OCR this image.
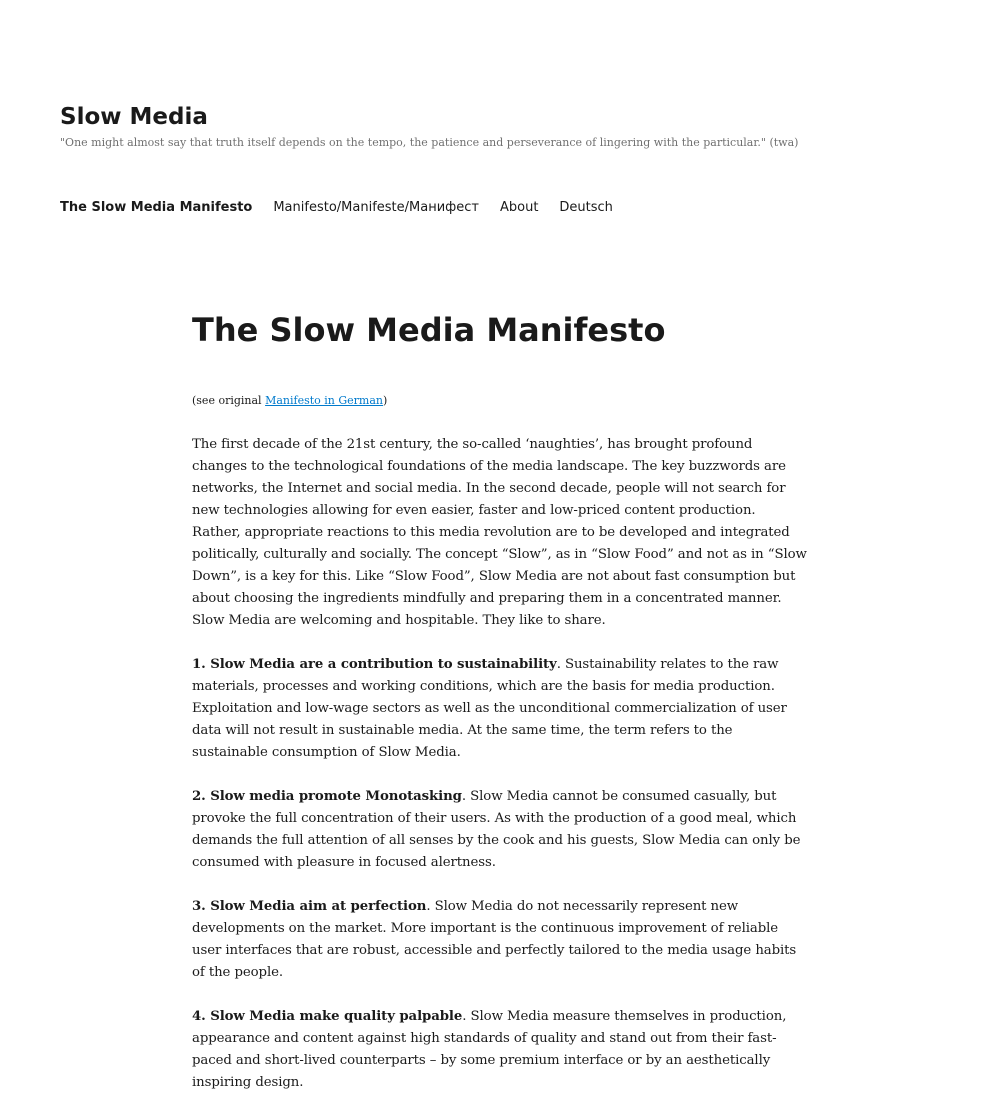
Slow Media
"One might almost say that truth itself depends on the tempo, the patience and perseverance of lingering with the particular." (twa)
The Slow Media Manifesto Manifesto/Manifeste/Манифест About Deutsch
The Slow Media Manifesto

(see original Manifesto in German)

The first decade of the 21st century, the so-called ‘naughties’, has brought profound changes to the technological foundations of the media landscape. The key buzzwords are networks, the Internet and social media. In the second decade, people will not search for new technologies allowing for even easier, faster and low-priced content production. Rather, appropriate reactions to this media revolution are to be developed and integrated politically, culturally and socially. The concept “Slow”, as in “Slow Food” and not as in “Slow Down”, is a key for this. Like “Slow Food”, Slow Media are not about fast consumption but about choosing the ingredients mindfully and preparing them in a concentrated manner. Slow Media are welcoming and hospitable. They like to share.

1. Slow Media are a contribution to sustainability. Sustainability relates to the raw materials, processes and working conditions, which are the basis for media production. Exploitation and low-wage sectors as well as the unconditional commercialization of user data will not result in sustainable media. At the same time, the term refers to the sustainable consumption of Slow Media.

2. Slow media promote Monotasking. Slow Media cannot be consumed casually, but provoke the full concentration of their users. As with the production of a good meal, which demands the full attention of all senses by the cook and his guests, Slow Media can only be consumed with pleasure in focused alertness.

3. Slow Media aim at perfection. Slow Media do not necessarily represent new developments on the market. More important is the continuous improvement of reliable user interfaces that are robust, accessible and perfectly tailored to the media usage habits of the people.

4. Slow Media make quality palpable. Slow Media measure themselves in production, appearance and content against high standards of quality and stand out from their fast-paced and short-lived counterparts – by some premium interface or by an aesthetically inspiring design.
